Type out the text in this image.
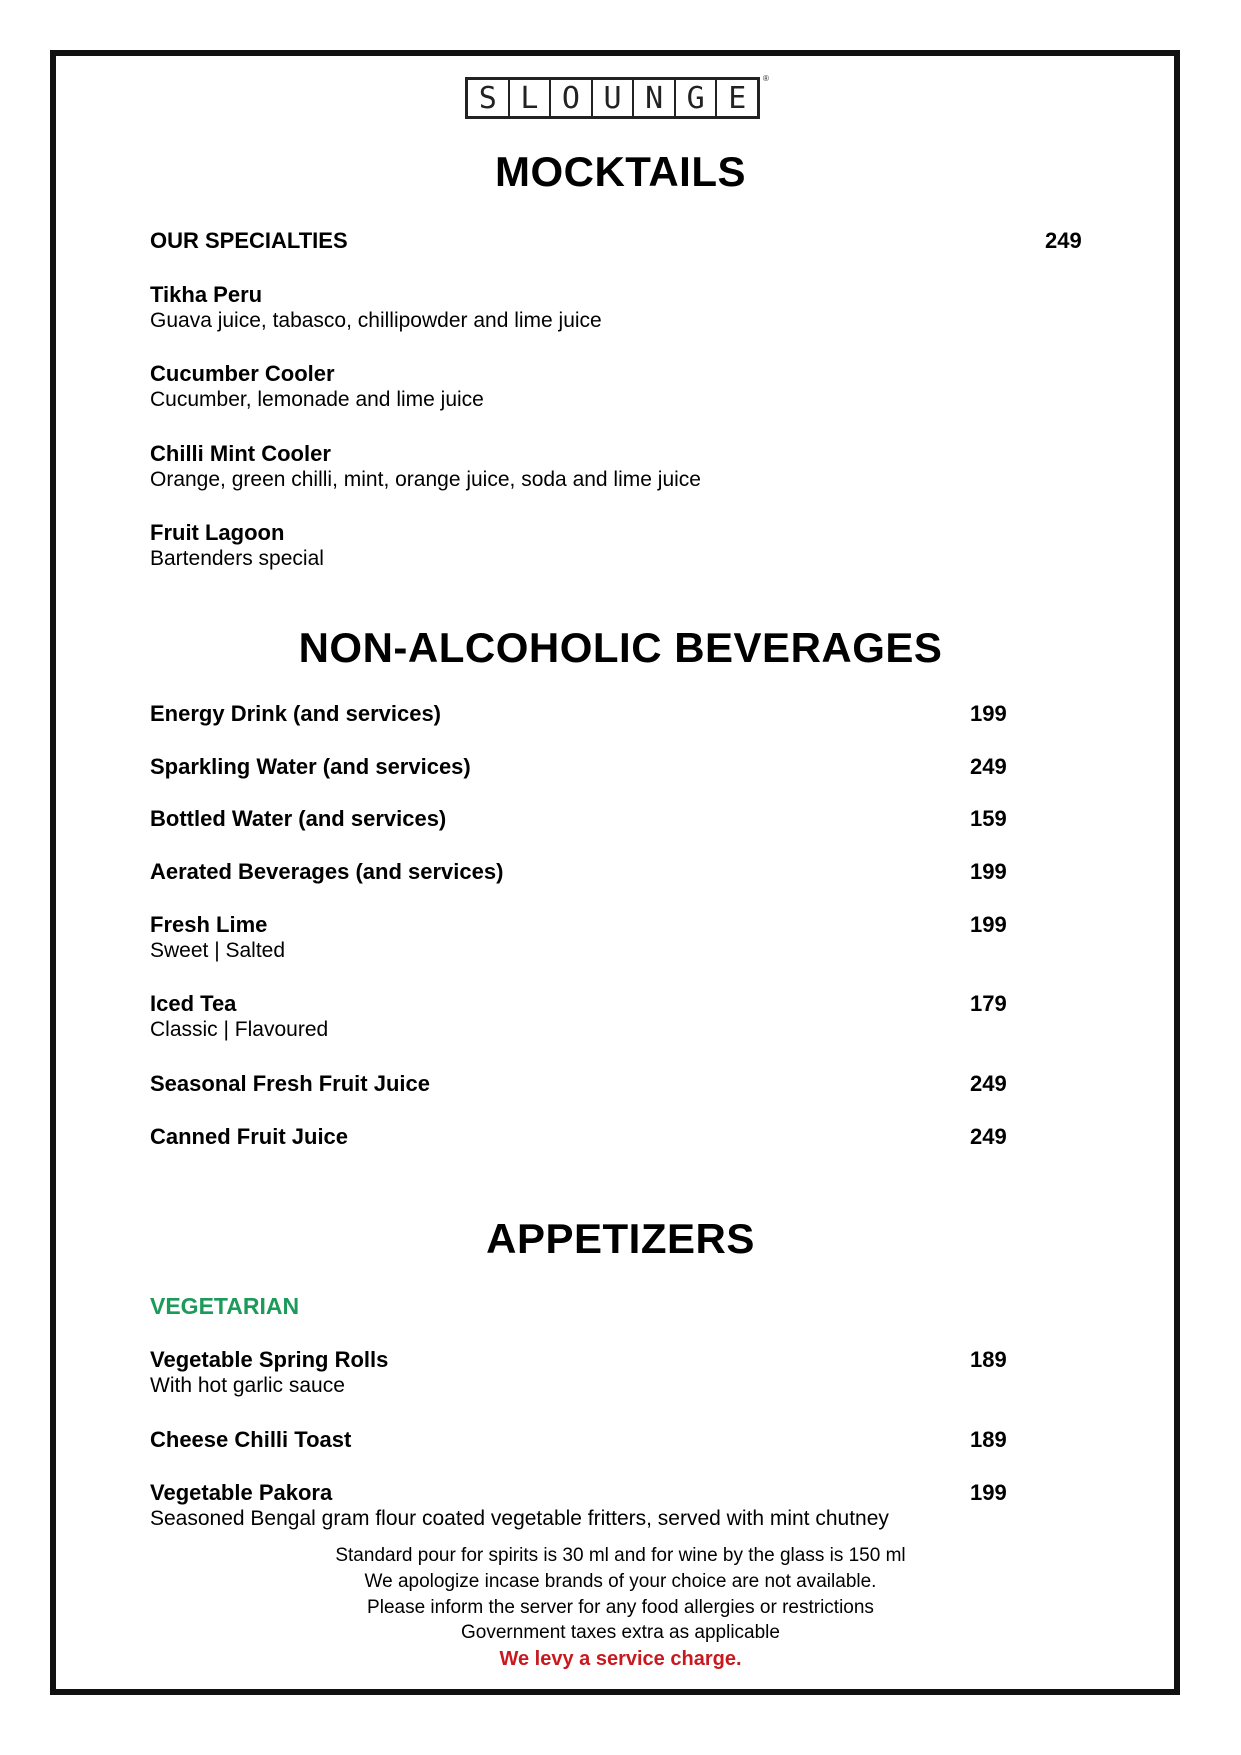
S L O U N G E
®
MOCKTAILS
OUR SPECIALTIES	249
Tikha Peru
Guava juice, tabasco, chillipowder and lime juice
Cucumber Cooler
Cucumber, lemonade and lime juice
Chilli Mint Cooler
Orange, green chilli, mint, orange juice, soda and lime juice
Fruit Lagoon
Bartenders special
NON-ALCOHOLIC BEVERAGES
Energy Drink (and services)	199
Sparkling Water (and services)	249
Bottled Water (and services)	159
Aerated Beverages (and services)	199
Fresh Lime	199
Sweet | Salted
Iced Tea	179
Classic | Flavoured
Seasonal Fresh Fruit Juice	249
Canned Fruit Juice	249
APPETIZERS
VEGETARIAN
Vegetable Spring Rolls	189
With hot garlic sauce
Cheese Chilli Toast	189
Vegetable Pakora	199
Seasoned Bengal gram flour coated vegetable fritters, served with mint chutney
Standard pour for spirits is 30 ml and for wine by the glass is 150 ml
We apologize incase brands of your choice are not available.
Please inform the server for any food allergies or restrictions
Government taxes extra as applicable
We levy a service charge.
